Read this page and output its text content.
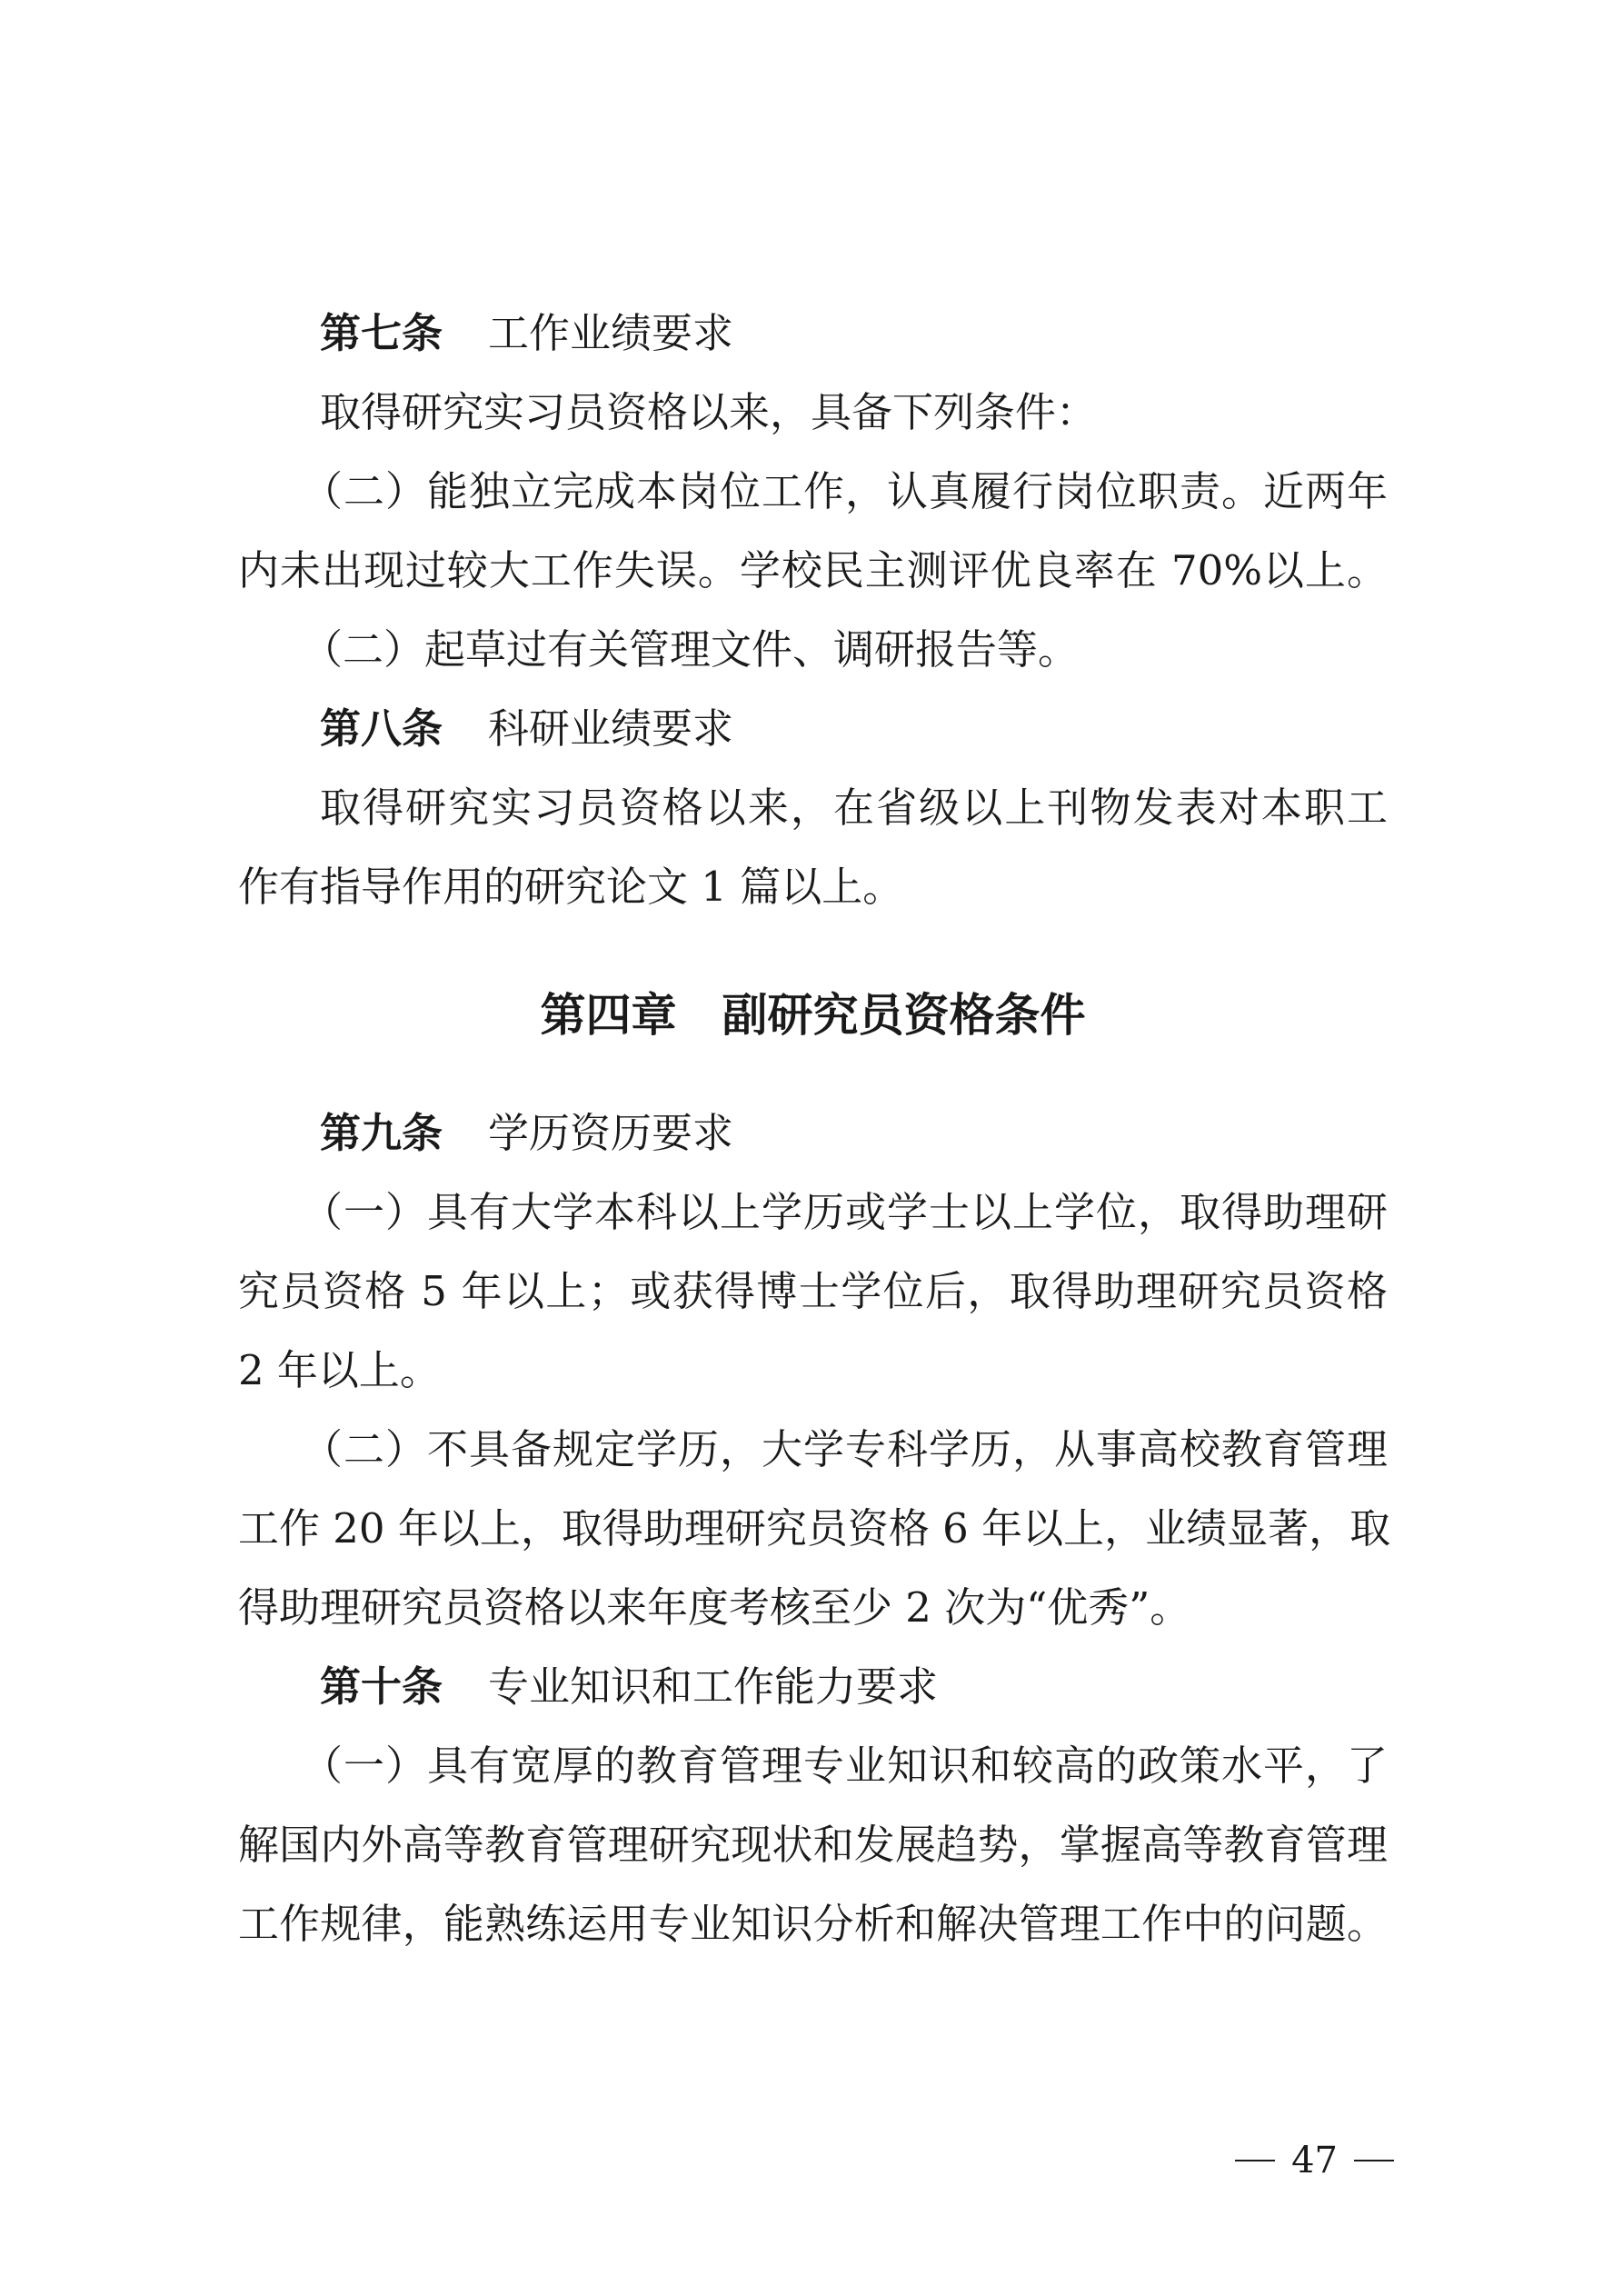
第七条 工作业绩要求

取得研究实习员资格以来，具备下列条件：

（二）能独立完成本岗位工作，认真履行岗位职责。近两年

内未出现过较大工作失误。学校民主测评优良率在 70%以上。

（二）起草过有关管理文件、调研报告等。

第八条 科研业绩要求

取得研究实习员资格以来，在省级以上刊物发表对本职工

作有指导作用的研究论文 1 篇以上。

第四章 副研究员资格条件

第九条 学历资历要求

（一）具有大学本科以上学历或学士以上学位，取得助理研

究员资格 5 年以上；或获得博士学位后，取得助理研究员资格

2 年以上。

（二）不具备规定学历，大学专科学历，从事高校教育管理

工作 20 年以上，取得助理研究员资格 6 年以上，业绩显著，取

得助理研究员资格以来年度考核至少 2 次为“优秀”。

第十条 专业知识和工作能力要求

（一）具有宽厚的教育管理专业知识和较高的政策水平，了

解国内外高等教育管理研究现状和发展趋势，掌握高等教育管理

工作规律，能熟练运用专业知识分析和解决管理工作中的问题。

47
